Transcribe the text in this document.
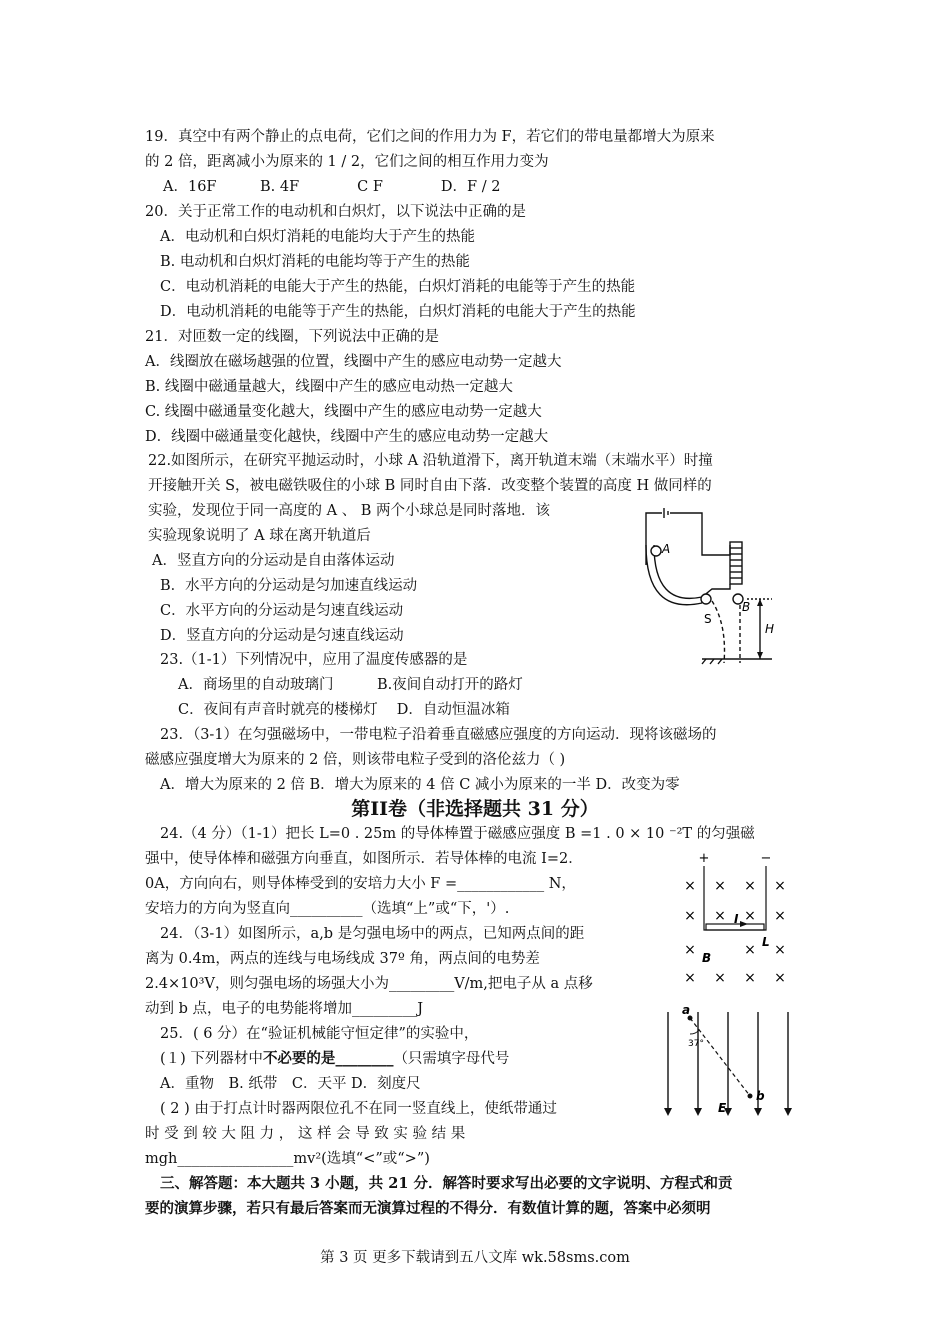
19．真空中有两个静止的点电荷，它们之间的作用力为 F，若它们的带电量都增大为原来
的 2 倍，距离减小为原来的 1 / 2，它们之间的相互作用力变为
A．16F　　　B. 4F　　　　C F　　　　D．F / 2
20．关于正常工作的电动机和白炽灯，以下说法中正确的是
A．电动机和白炽灯消耗的电能均大于产生的热能
B. 电动机和白炽灯消耗的电能均等于产生的热能
C．电动机消耗的电能大于产生的热能，白炽灯消耗的电能等于产生的热能
D．电动机消耗的电能等于产生的热能，白炽灯消耗的电能大于产生的热能
21．对匝数一定的线圈，下列说法中正确的是
A．线圈放在磁场越强的位置，线圈中产生的感应电动势一定越大
B. 线圈中磁通量越大，线圈中产生的感应电动热一定越大
C. 线圈中磁通量变化越大，线圈中产生的感应电动势一定越大
D．线圈中磁通量变化越快，线圈中产生的感应电动势一定越大
22.如图所示，在研究平抛运动时，小球 A 沿轨道滑下，离开轨道末端（末端水平）时撞
开接触开关 S，被电磁铁吸住的小球 B 同时自由下落．改变整个装置的高度 H 做同样的
实验，发现位于同一高度的 A 、 B 两个小球总是同时落地．该
实验现象说明了 A 球在离开轨道后
A．竖直方向的分运动是自由落体运动
B．水平方向的分运动是匀加速直线运动
C．水平方向的分运动是匀速直线运动
D．竖直方向的分运动是匀速直线运动
A
B
S
H
23.（1-1）下列情况中，应用了温度传感器的是
A．商场里的自动玻璃门　　　B.夜间自动打开的路灯
C．夜间有声音时就亮的楼梯灯　 D．自动恒温冰箱
23．（3-1）在匀强磁场中，一带电粒子沿着垂直磁感应强度的方向运动．现将该磁场的
磁感应强度增大为原来的 2 倍，则该带电粒子受到的洛伦兹力（ )
A．增大为原来的 2 倍 B．增大为原来的 4 倍 C 减小为原来的一半 D．改变为零
第II卷（非选择题共 31 分）
24.（4 分）（1-1）把长 L=0 . 25m 的导体棒置于磁感应强度 B =1 . 0 × 10 ⁻²T 的匀强磁
强中，使导体棒和磁强方向垂直，如图所示．若导体棒的电流 I=2．
0A，方向向右，则导体棒受到的安培力大小 F =____________ N，
安培力的方向为竖直向__________（选填“上”或“下，'）.
+	−
× × × ×
× × × ×
×	× ×
× × × ×
I
L
B
24．（3-1）如图所示，a,b 是匀强电场中的两点，已知两点间的距
离为 0.4m，两点的连线与电场线成 37º 角，两点间的电势差
2.4×10³V，则匀强电场的场强大小为_________V/m,把电子从 a 点移
动到 b 点，电子的电势能将增加_________J	a
b
E
37°
25．( 6 分）在“验证机械能守恒定律”的实验中，
(１) 下列器材中不必要的是________（只需填字母代号
A．重物　B. 纸带　C．天平 D．刻度尺
( 2 ) 由于打点计时器两限位孔不在同一竖直线上，使纸带通过
时 受 到 较 大 阻 力 ， 这 样 会 导 致 实 验 结 果
mgh________________mv²(选填“<”或“>”)
三、解答题：本大题共 3 小题，共 21 分．解答时要求写出必要的文字说明、方程式和贡
要的演算步骤，若只有最后答案而无演算过程的不得分．有数值计算的题，答案中必须明
第 3 页 更多下载请到五八文库 wk.58sms.com
